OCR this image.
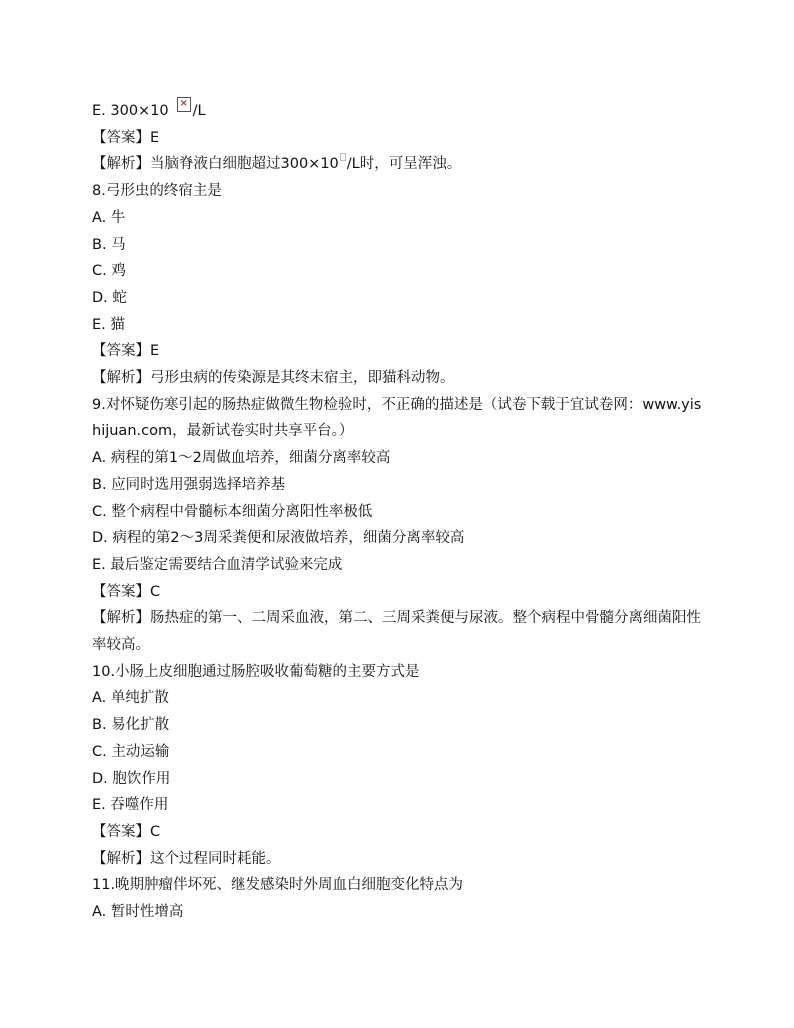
E. 300×10 × /L

【答案】E

【解析】当脑脊液白细胞超过300×10 /L时，可呈浑浊。

8.弓形虫的终宿主是

A. 牛

B. 马

C. 鸡

D. 蛇

E. 猫

【答案】E

【解析】弓形虫病的传染源是其终末宿主，即猫科动物。

9.对怀疑伤寒引起的肠热症做微生物检验时，不正确的描述是（试卷下载于宜试卷网：www.yishijuan.com，最新试卷实时共享平台。）

A. 病程的第1～2周做血培养，细菌分离率较高

B. 应同时选用强弱选择培养基

C. 整个病程中骨髓标本细菌分离阳性率极低

D. 病程的第2～3周采粪便和尿液做培养，细菌分离率较高

E. 最后鉴定需要结合血清学试验来完成

【答案】C

【解析】肠热症的第一、二周采血液，第二、三周采粪便与尿液。整个病程中骨髓分离细菌阳性率较高。

10.小肠上皮细胞通过肠腔吸收葡萄糖的主要方式是

A. 单纯扩散

B. 易化扩散

C. 主动运输

D. 胞饮作用

E. 吞噬作用

【答案】C

【解析】这个过程同时耗能。

11.晚期肿瘤伴坏死、继发感染时外周血白细胞变化特点为

A. 暂时性增高
